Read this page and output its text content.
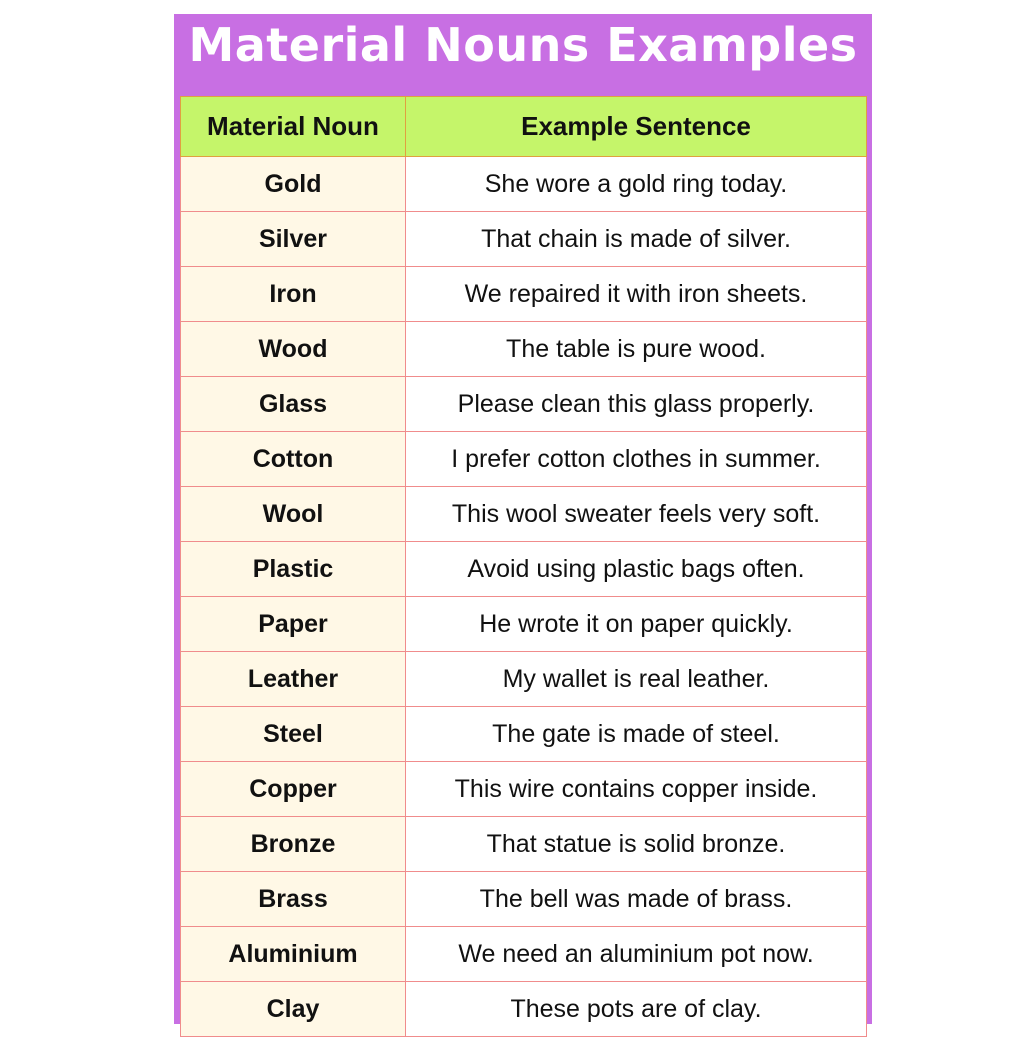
Material Nouns Examples
Material Noun	Example Sentence
Gold	She wore a gold ring today.
Silver	That chain is made of silver.
Iron	We repaired it with iron sheets.
Wood	The table is pure wood.
Glass	Please clean this glass properly.
Cotton	I prefer cotton clothes in summer.
Wool	This wool sweater feels very soft.
Plastic	Avoid using plastic bags often.
Paper	He wrote it on paper quickly.
Leather	My wallet is real leather.
Steel	The gate is made of steel.
Copper	This wire contains copper inside.
Bronze	That statue is solid bronze.
Brass	The bell was made of brass.
Aluminium	We need an aluminium pot now.
Clay	These pots are of clay.
